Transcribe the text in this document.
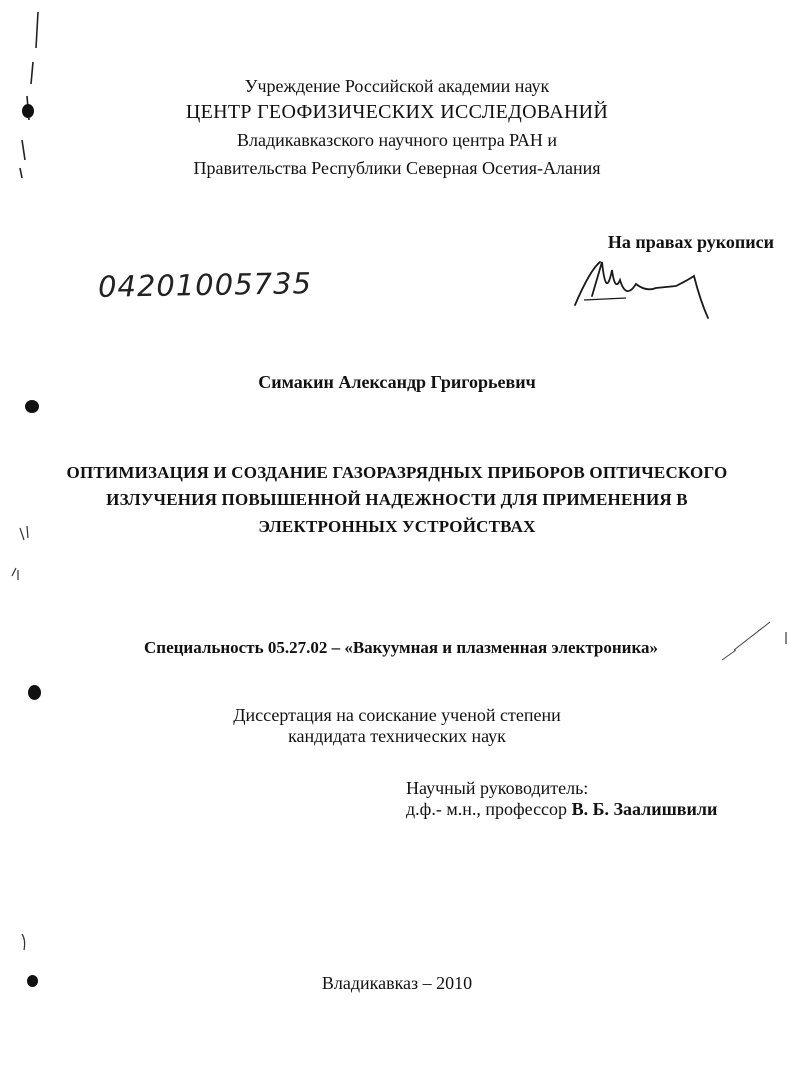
Учреждение Российской академии наук
ЦЕНТР ГЕОФИЗИЧЕСКИХ ИССЛЕДОВАНИЙ
Владикавказского научного центра РАН и
Правительства Республики Северная Осетия-Алания
На правах рукописи
04201005735
Симакин Александр Григорьевич
ОПТИМИЗАЦИЯ И СОЗДАНИЕ ГАЗОРАЗРЯДНЫХ ПРИБОРОВ ОПТИЧЕСКОГО
ИЗЛУЧЕНИЯ ПОВЫШЕННОЙ НАДЕЖНОСТИ ДЛЯ ПРИМЕНЕНИЯ В
ЭЛЕКТРОННЫХ УСТРОЙСТВАХ
Специальность 05.27.02 – «Вакуумная и плазменная электроника»
Диссертация на соискание ученой степени
кандидата технических наук
Научный руководитель:
д.ф.- м.н., профессор В. Б. Заалишвили
Владикавказ – 2010
